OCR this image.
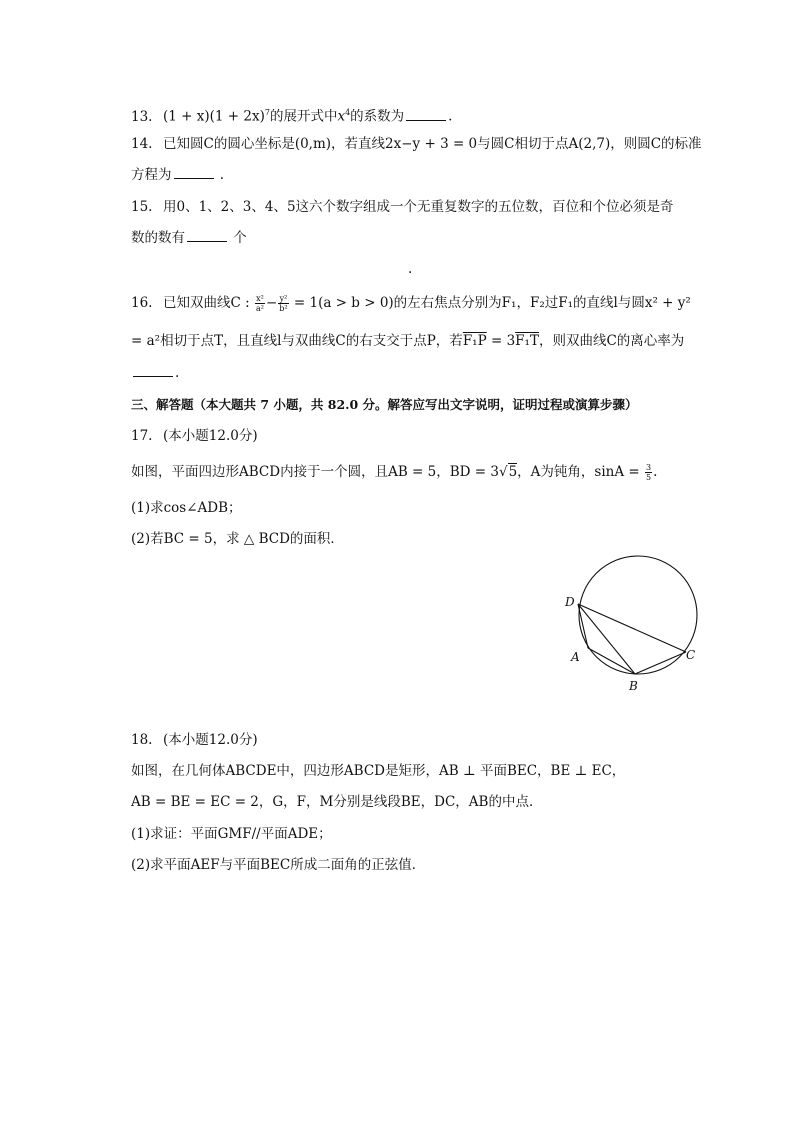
13. $(1 + x)(1 + 2x)^7$的展开式中$x^4$的系数为	.
14. 已知圆C的圆心坐标是(0,m)，若直线2x−y + 3 = 0与圆C相切于点A(2,7)，则圆C的标准
方程为	.
15. 用0、1、2、3、4、5这六个数字组成一个无重复数字的五位数，百位和个位必须是奇
数的数有	个
.
16. 已知双曲线C : $\frac{\text{x²}}{\text{a²}} - \frac{\text{y²}}{\text{b²}} = 1(a > b > 0)$的左右焦点分别为F₁，F₂过F₁的直线l与圆x² + y²
= a²相切于点T，且直线l与双曲线C的右支交于点P，若F₁P = 3F₁T，则双曲线C的离心率为
.
三、解答题（本大题共 7 小题，共 82.0 分。解答应写出文字说明，证明过程或演算步骤）
17. (本小题12.0分)
如图，平面四边形ABCD内接于一个圆，且AB = 5，BD = 3√5，A为钝角，$\sin A = \frac{3}{5}$ .
(1)求cos∠ADB；
(2)若BC = 5，求 △ BCD的面积．
D
A
B
C
18. (本小题12.0分)
如图，在几何体ABCDE中，四边形ABCD是矩形，AB ⊥ 平面BEC，BE ⊥ EC，
AB = BE = EC = 2，G，F，M分别是线段BE，DC，AB的中点．
(1)求证：平面GMF//平面ADE；
(2)求平面AEF与平面BEC所成二面角的正弦值．
